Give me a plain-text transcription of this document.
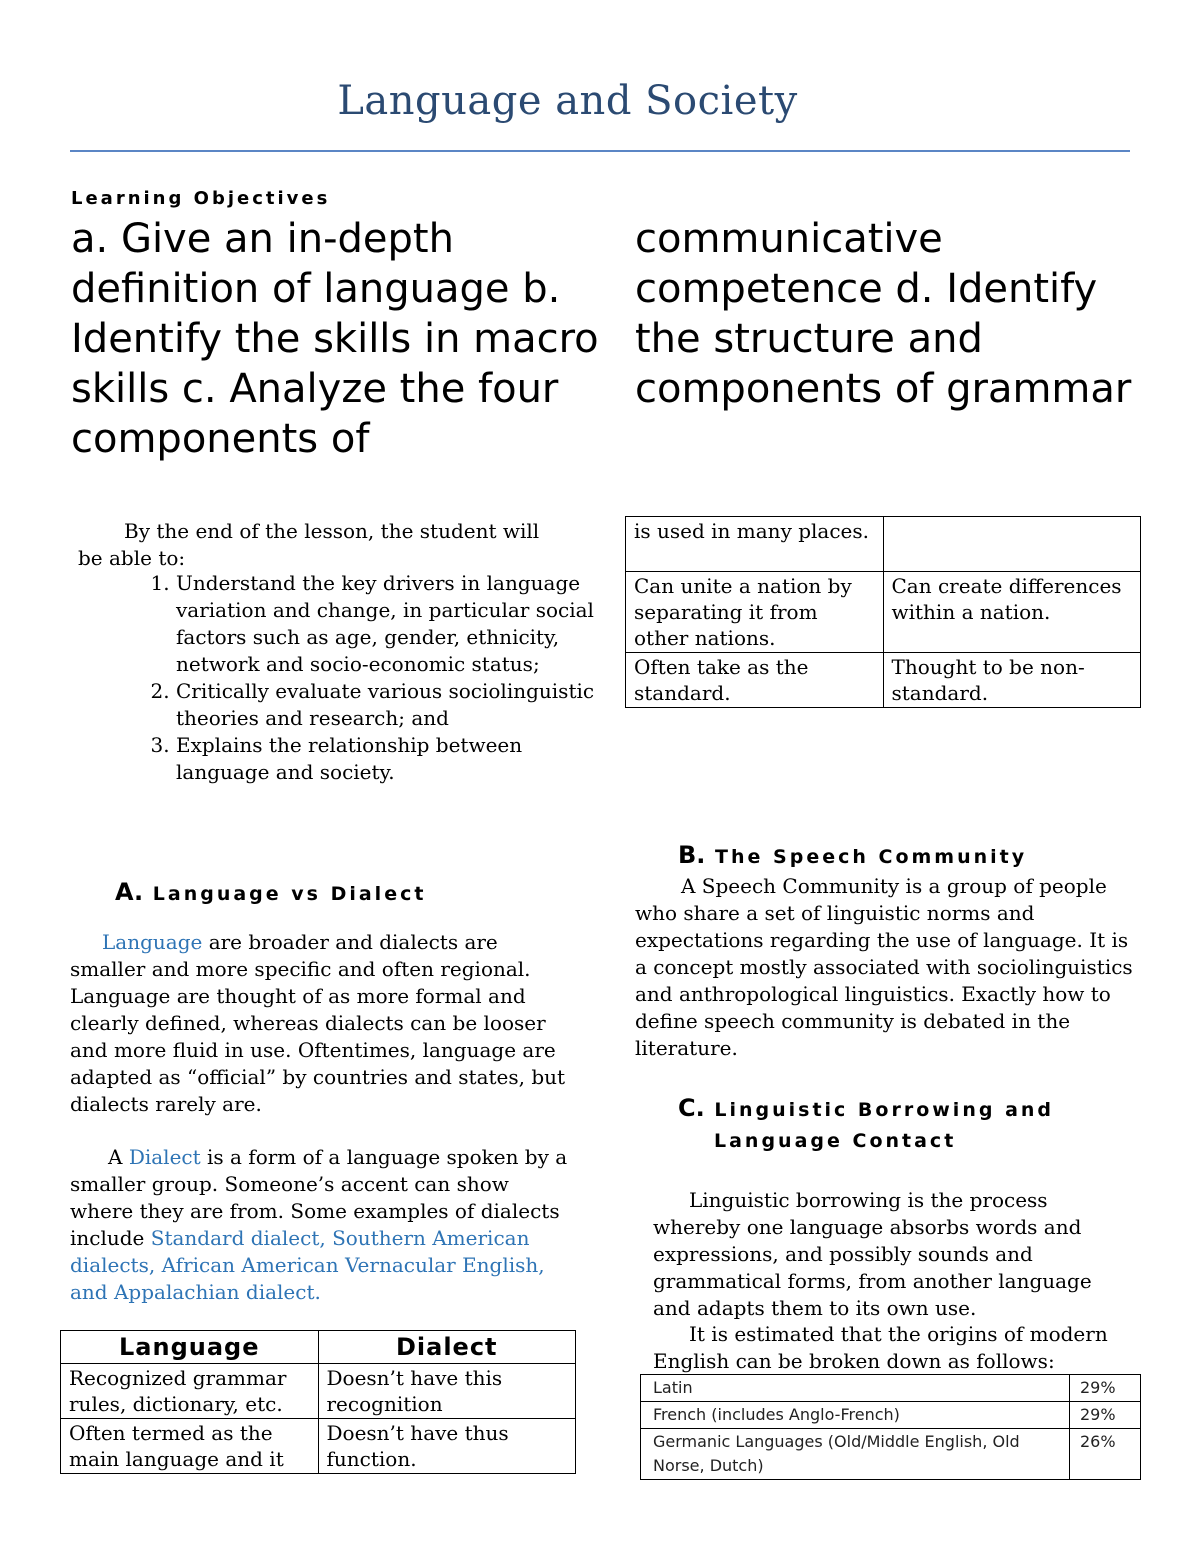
Language and Society
Learning Objectives

a. Give an in-depth definition of language b. Identify the skills in macro skills c. Analyze the four components of

communicative competence d. Identify the structure and components of grammar

By the end of the lesson, the student will be able to:
1. Understand the key drivers in language variation and change, in particular social factors such as age, gender, ethnicity, network and socio-economic status;
2. Critically evaluate various sociolinguistic theories and research; and
3. Explains the relationship between language and society.
A. Language vs Dialect
Language are broader and dialects are smaller and more specific and often regional. Language are thought of as more formal and clearly defined, whereas dialects can be looser and more fluid in use. Oftentimes, language are adapted as “official” by countries and states, but dialects rarely are.
A Dialect is a form of a language spoken by a smaller group. Someone’s accent can show where they are from. Some examples of dialects include Standard dialect, Southern American dialects, African American Vernacular English, and Appalachian dialect.
Language	Dialect
Recognized grammar rules, dictionary, etc.	Doesn’t have this recognition
Often termed as the main language and it	Doesn’t have thus function.
is used in many places.	
Can unite a nation by separating it from other nations.	Can create differences within a nation.
Often take as the standard.	Thought to be non-standard.
B. The Speech Community
A Speech Community is a group of people who share a set of linguistic norms and expectations regarding the use of language. It is a concept mostly associated with sociolinguistics and anthropological linguistics. Exactly how to define speech community is debated in the literature.
C. Linguistic Borrowing and
Language Contact
Linguistic borrowing is the process whereby one language absorbs words and expressions, and possibly sounds and grammatical forms, from another language and adapts them to its own use.
It is estimated that the origins of modern English can be broken down as follows:
Latin	29%
French (includes Anglo-French)	29%
Germanic Languages (Old/Middle English, Old Norse, Dutch)	26%
